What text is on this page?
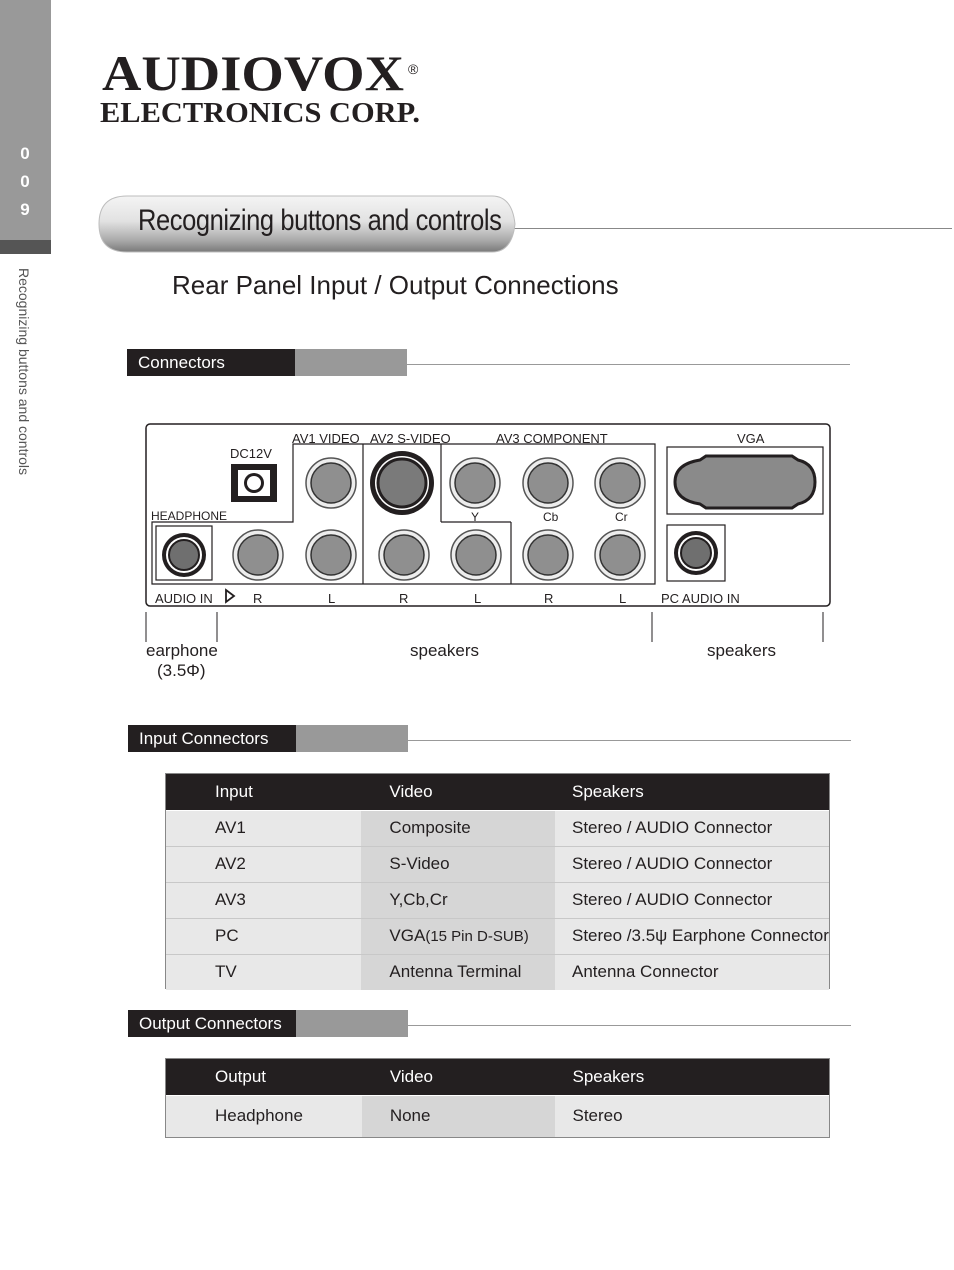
0
0
9
Recognizing buttons and controls
AUDIOVOX ®
ELECTRONICS CORP.
Recognizing buttons and controls
Rear Panel Input / Output Connections
Connectors
DC12V
AV1 VIDEO AV2 S-VIDEO	AV3 COMPONENT	VGA
Y	Cb	Cr
HEADPHONE
AUDIO IN	R	L	R	L	R	L	PC AUDIO IN
earphone
(3.5Φ)
speakers	speakers
Input Connectors
Input	Video	Speakers
AV1	Composite	Stereo / AUDIO Connector
AV2	S-Video	Stereo / AUDIO Connector
AV3	Y,Cb,Cr	Stereo / AUDIO Connector
PC	VGA(15 Pin D-SUB)	Stereo /3.5ψ Earphone Connector
TV	Antenna Terminal	Antenna Connector
Output Connectors
Output	Video	Speakers
Headphone	None	Stereo
